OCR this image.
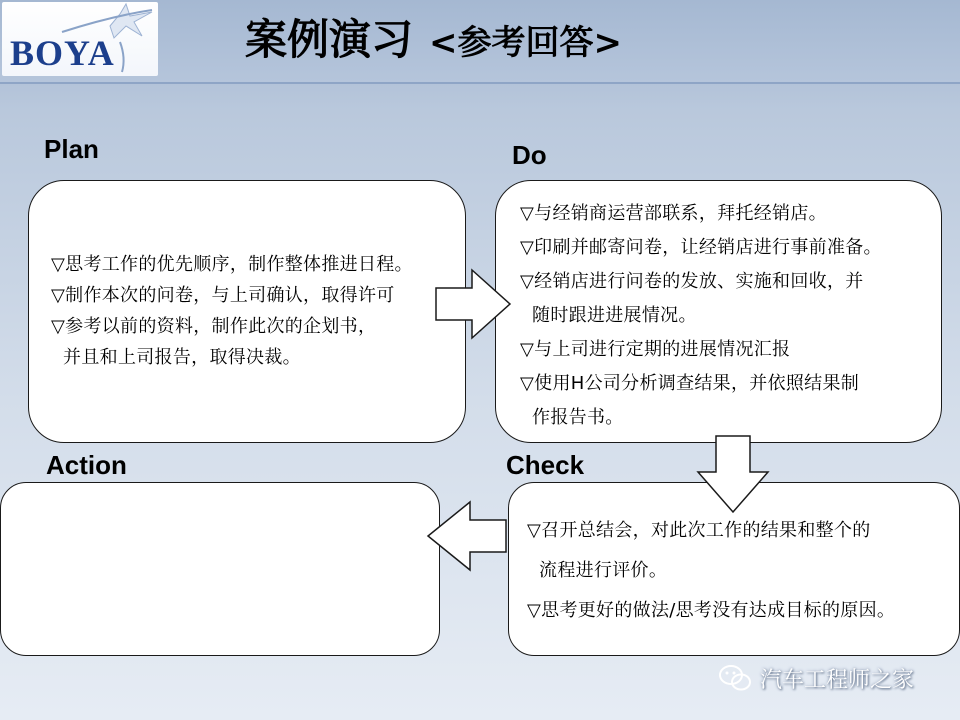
BOYA	案例演习 <参考回答>
Plan	Do
Action	Check
▽思考工作的优先顺序，制作整体推进日程。
▽制作本次的问卷，与上司确认，取得许可
▽参考以前的资料，制作此次的企划书，
并且和上司报告，取得决裁。
▽与经销商运营部联系，拜托经销店。
▽印刷并邮寄问卷，让经销店进行事前准备。
▽经销店进行问卷的发放、实施和回收，并
随时跟进进展情况。
▽与上司进行定期的进展情况汇报
▽使用H公司分析调查结果，并依照结果制
作报告书。
▽召开总结会，对此次工作的结果和整个的
流程进行评价。
▽思考更好的做法/思考没有达成目标的原因。
汽车工程师之家
